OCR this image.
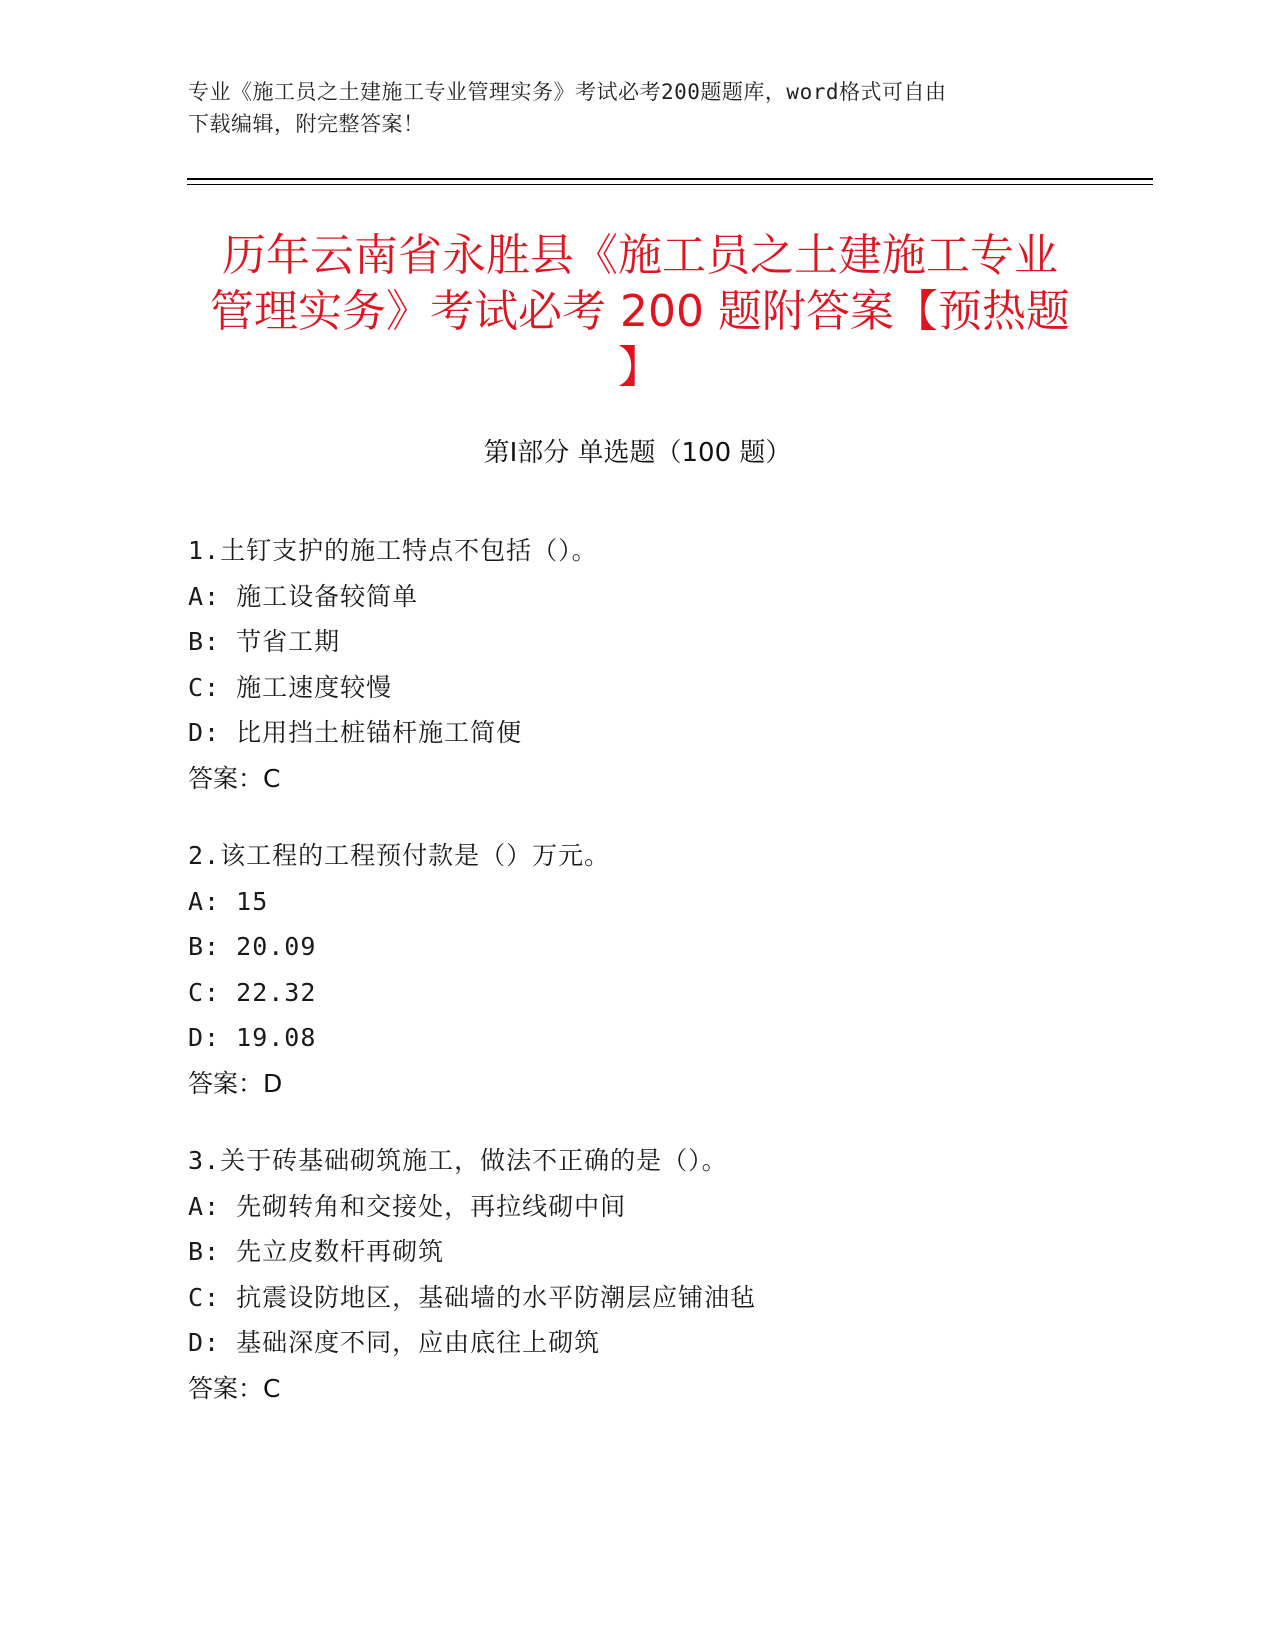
专业《施工员之土建施工专业管理实务》考试必考200题题库，word格式可自由
下载编辑，附完整答案！
历年云南省永胜县《施工员之土建施工专业
管理实务》考试必考 200 题附答案【预热题
】
第Ⅰ部分 单选题（100 题）
1.土钉支护的施工特点不包括（）。
A: 施工设备较简单
B: 节省工期
C: 施工速度较慢
D: 比用挡土桩锚杆施工简便
答案：C
2.该工程的工程预付款是（）万元。
A: 15
B: 20.09
C: 22.32
D: 19.08
答案：D
3.关于砖基础砌筑施工，做法不正确的是（）。
A: 先砌转角和交接处，再拉线砌中间
B: 先立皮数杆再砌筑
C: 抗震设防地区，基础墙的水平防潮层应铺油毡
D: 基础深度不同，应由底往上砌筑
答案：C
